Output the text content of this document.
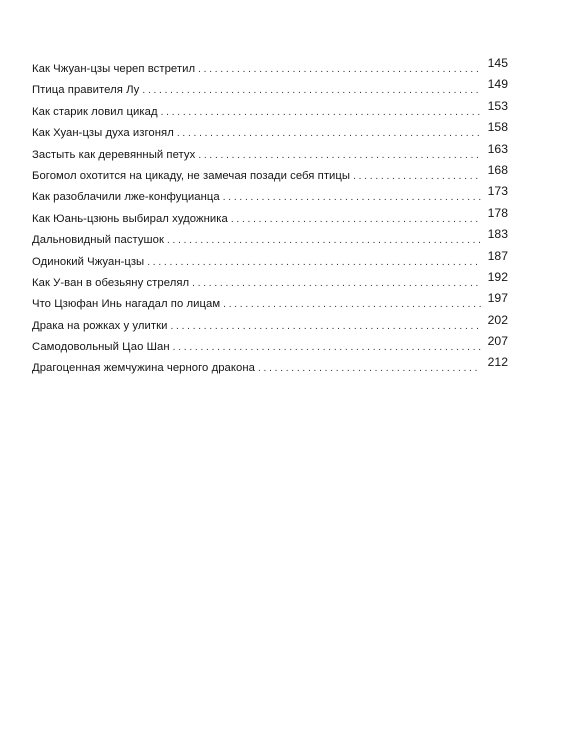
Как Чжуан-цзы череп встретил . . .	145
Птица правителя Лу . . .	149
Как старик ловил цикад . . .	153
Как Хуан-цзы духа изгонял . . .	158
Застыть как деревянный петух . . .	163
Богомол охотится на цикаду, не замечая позади себя птицы . . .	168
Как разоблачили лже-конфуцианца . . .	173
Как Юань-цзюнь выбирал художника . . .	178
Дальновидный пастушок . . .	183
Одинокий Чжуан-цзы . . .	187
Как У-ван в обезьяну стрелял . . .	192
Что Цзюфан Инь нагадал по лицам . . .	197
Драка на рожках у улитки . . .	202
Самодовольный Цао Шан . . .	207
Драгоценная жемчужина черного дракона . . .	212
